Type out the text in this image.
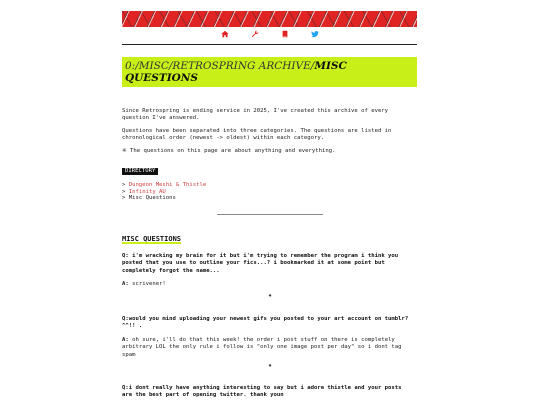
0:/MISC/RETROSPRING ARCHIVE/MISC QUESTIONS

Since Retrospring is ending service in 2025, I've created this archive of every question I've answered.

Questions have been separated into three categories. The questions are listed in chronological order (newest -> oldest) within each category.

※ The questions on this page are about anything and everything.

DIRECTORY
> Dungeon Meshi & Thistle
> Infinity AU
> Misc Questions
MISC QUESTIONS

Q: i'm wracking my brain for it but i'm trying to remember the program i think you posted that you use to outline your fics...? i bookmarked it at some point but completely forgot the name...

A: scrivener!

✷

Q:would you mind uploading your newest gifs you posted to your art account on tumblr? ^^!! .

A: oh sure, i'll do that this week! the order i post stuff on there is completely arbitrary LOL the only rule i follow is "only one image post per day" so i dont tag spam

✷

Q:i dont really have anything interesting to say but i adore thistle and your posts are the best part of opening twitter. thank youn
